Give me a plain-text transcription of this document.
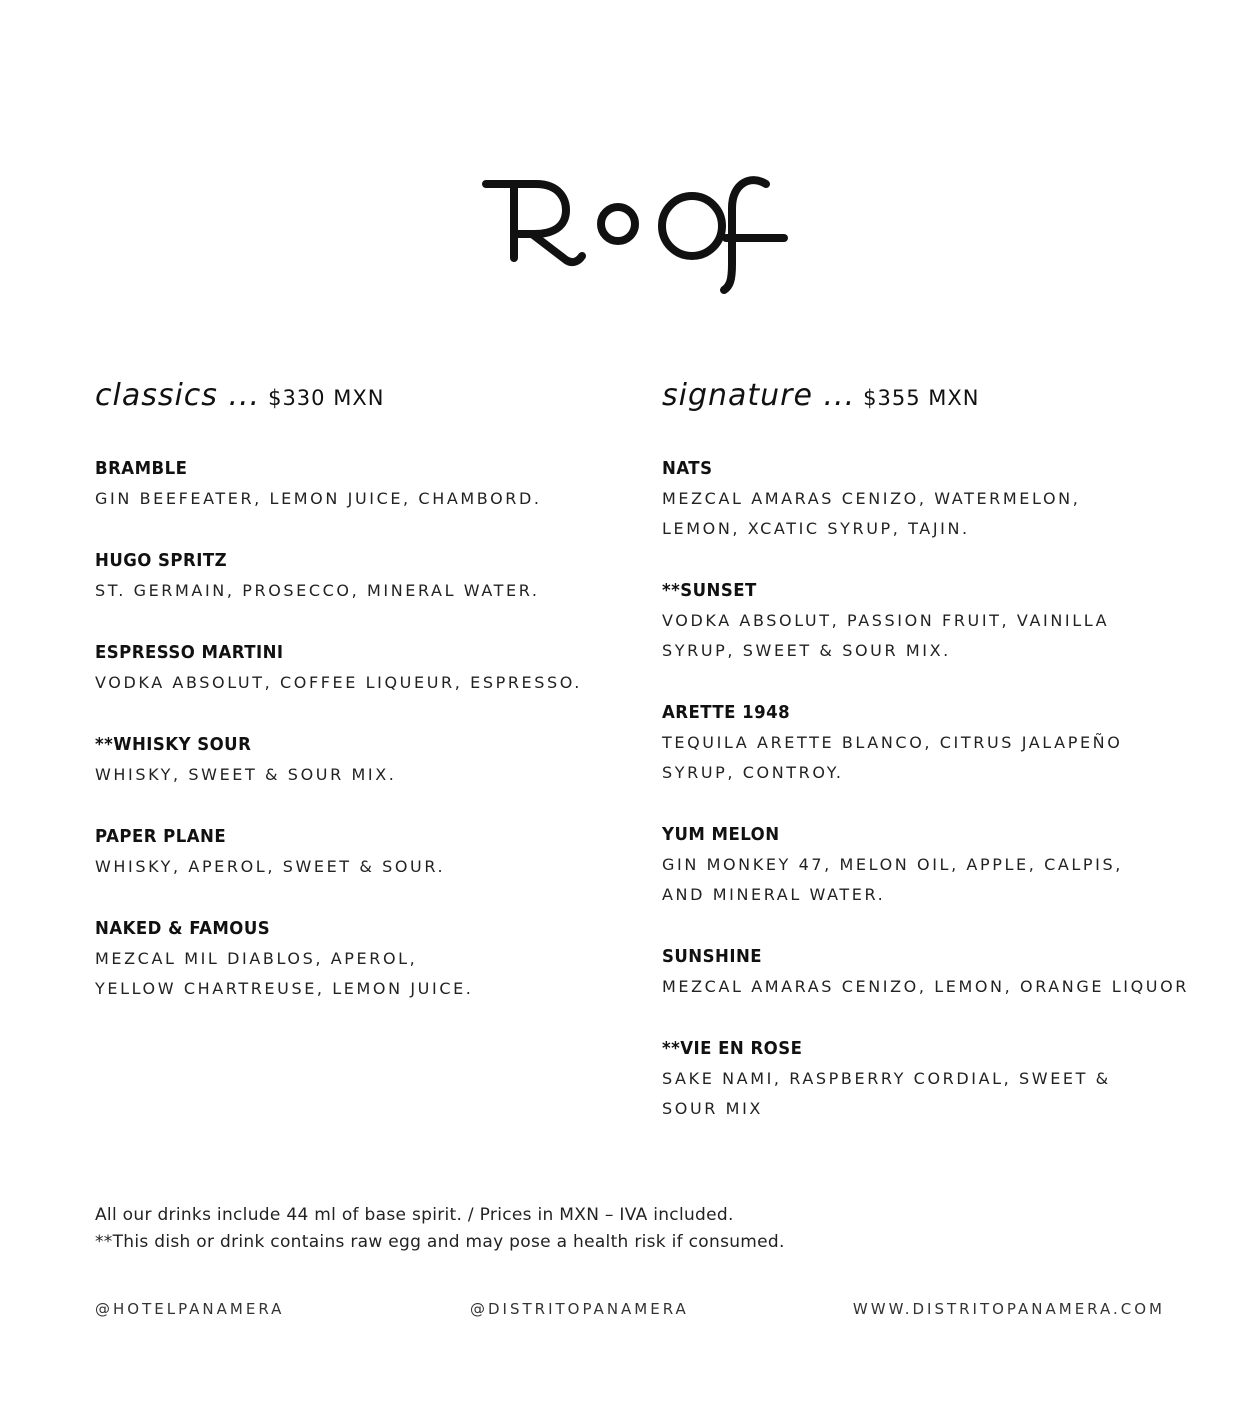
classics ... $330 MXN
BRAMBLE
GIN BEEFEATER, LEMON JUICE, CHAMBORD.
HUGO SPRITZ
ST. GERMAIN, PROSECCO, MINERAL WATER.
ESPRESSO MARTINI
VODKA ABSOLUT, COFFEE LIQUEUR, ESPRESSO.
**WHISKY SOUR
WHISKY, SWEET & SOUR MIX.
PAPER PLANE
WHISKY, APEROL, SWEET & SOUR.
NAKED & FAMOUS
MEZCAL MIL DIABLOS, APEROL, YELLOW CHARTREUSE, LEMON JUICE.
signature ... $355 MXN
NATS
MEZCAL AMARAS CENIZO, WATERMELON, LEMON, XCATIC SYRUP, TAJIN.
**SUNSET
VODKA ABSOLUT, PASSION FRUIT, VAINILLA SYRUP, SWEET & SOUR MIX.
ARETTE 1948
TEQUILA ARETTE BLANCO, CITRUS JALAPEÑO SYRUP, CONTROY.
YUM MELON
GIN MONKEY 47, MELON OIL, APPLE, CALPIS, AND MINERAL WATER.
SUNSHINE
MEZCAL AMARAS CENIZO, LEMON, ORANGE LIQUOR
**VIE EN ROSE
SAKE NAMI, RASPBERRY CORDIAL, SWEET & SOUR MIX
All our drinks include 44 ml of base spirit. / Prices in MXN – IVA included.
**This dish or drink contains raw egg and may pose a health risk if consumed.
@HOTELPANAMERA	@DISTRITOPANAMERA	WWW.DISTRITOPANAMERA.COM
